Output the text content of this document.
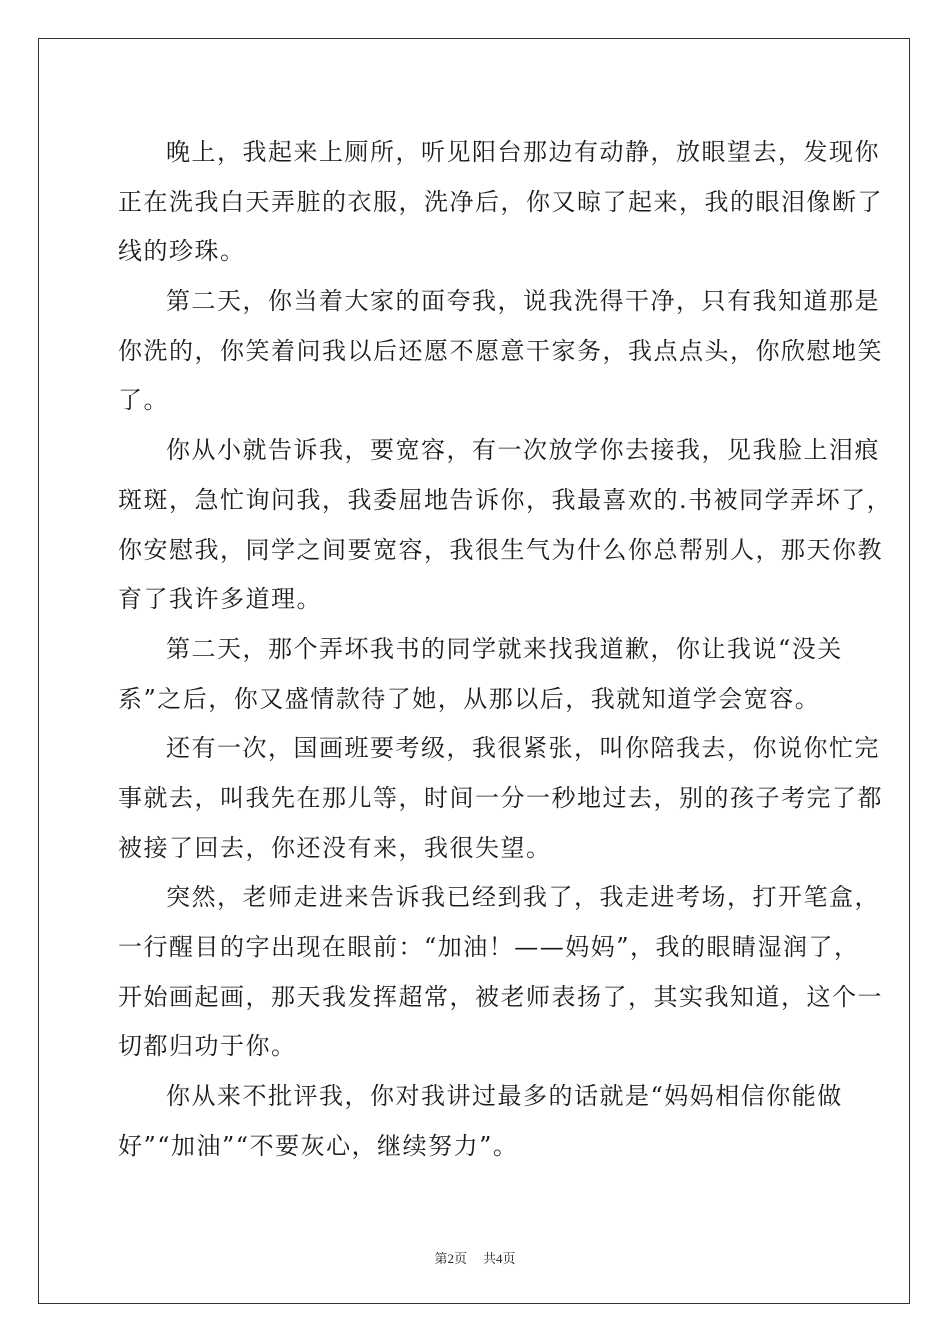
晚上，我起来上厕所，听见阳台那边有动静，放眼望去，发现你
正在洗我白天弄脏的衣服，洗净后，你又晾了起来，我的眼泪像断了
线的珍珠。
第二天，你当着大家的面夸我，说我洗得干净，只有我知道那是
你洗的，你笑着问我以后还愿不愿意干家务，我点点头，你欣慰地笑
了。
你从小就告诉我，要宽容，有一次放学你去接我，见我脸上泪痕
斑斑，急忙询问我，我委屈地告诉你，我最喜欢的.书被同学弄坏了，
你安慰我，同学之间要宽容，我很生气为什么你总帮别人，那天你教
育了我许多道理。
第二天，那个弄坏我书的同学就来找我道歉，你让我说“没关
系”之后，你又盛情款待了她，从那以后，我就知道学会宽容。
还有一次，国画班要考级，我很紧张，叫你陪我去，你说你忙完
事就去，叫我先在那儿等，时间一分一秒地过去，别的孩子考完了都
被接了回去，你还没有来，我很失望。
突然，老师走进来告诉我已经到我了，我走进考场，打开笔盒，
一行醒目的字出现在眼前：“加油！——妈妈”，我的眼睛湿润了，
开始画起画，那天我发挥超常，被老师表扬了，其实我知道，这个一
切都归功于你。
你从来不批评我，你对我讲过最多的话就是“妈妈相信你能做
好”“加油”“不要灰心，继续努力”。
第2页 共4页
